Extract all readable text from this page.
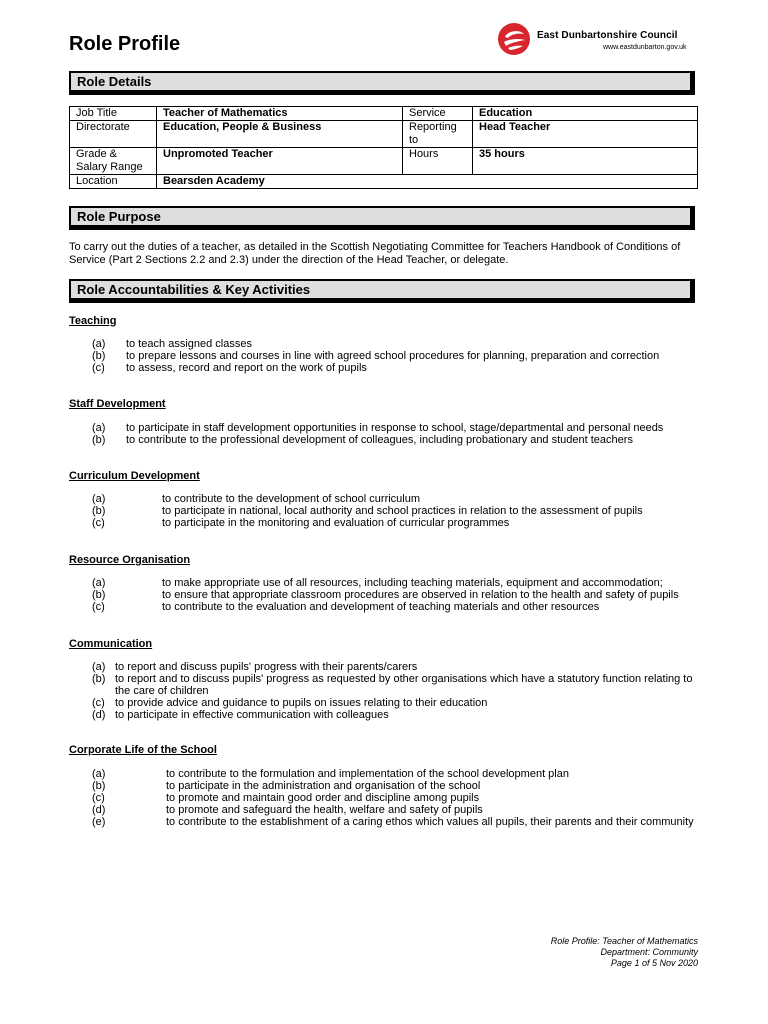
Role Profile	East Dunbartonshire Council
www.eastdunbarton.gov.uk
Role Details
Job Title	Teacher of Mathematics	Service	Education
Directorate	Education, People & Business	Reporting to	Head Teacher
Grade & Salary Range	Unpromoted Teacher	Hours	35 hours
Location	Bearsden Academy		
Role Purpose

To carry out the duties of a teacher, as detailed in the Scottish Negotiating Committee for Teachers Handbook of Conditions of Service (Part 2 Sections 2.2 and 2.3) under the direction of the Head Teacher, or delegate.

Role Accountabilities & Key Activities

Teaching

(a)	to teach assigned classes
(b)	to prepare lessons and courses in line with agreed school procedures for planning, preparation and correction
(c)	to assess, record and report on the work of pupils

Staff Development

(a)	to participate in staff development opportunities in response to school, stage/departmental and personal needs
(b)	to contribute to the professional development of colleagues, including probationary and student teachers

Curriculum Development

(a)	to contribute to the development of school curriculum
(b)	to participate in national, local authority and school practices in relation to the assessment of pupils
(c)	to participate in the monitoring and evaluation of curricular programmes

Resource Organisation

(a)	to make appropriate use of all resources, including teaching materials, equipment and accommodation;
(b)	to ensure that appropriate classroom procedures are observed in relation to the health and safety of pupils
(c)	to contribute to the evaluation and development of teaching materials and other resources

Communication

(a) to report and discuss pupils' progress with their parents/carers
(b) to report and to discuss pupils' progress as requested by other organisations which have a statutory function relating to the care of children
(c) to provide advice and guidance to pupils on issues relating to their education
(d) to participate in effective communication with colleagues

Corporate Life of the School

(a)	to contribute to the formulation and implementation of the school development plan
(b)	to participate in the administration and organisation of the school
(c)	to promote and maintain good order and discipline among pupils
(d)	to promote and safeguard the health, welfare and safety of pupils
(e)	to contribute to the establishment of a caring ethos which values all pupils, their parents and their community
Role Profile: Teacher of Mathematics
Department: Community
Page 1 of 5 Nov 2020
